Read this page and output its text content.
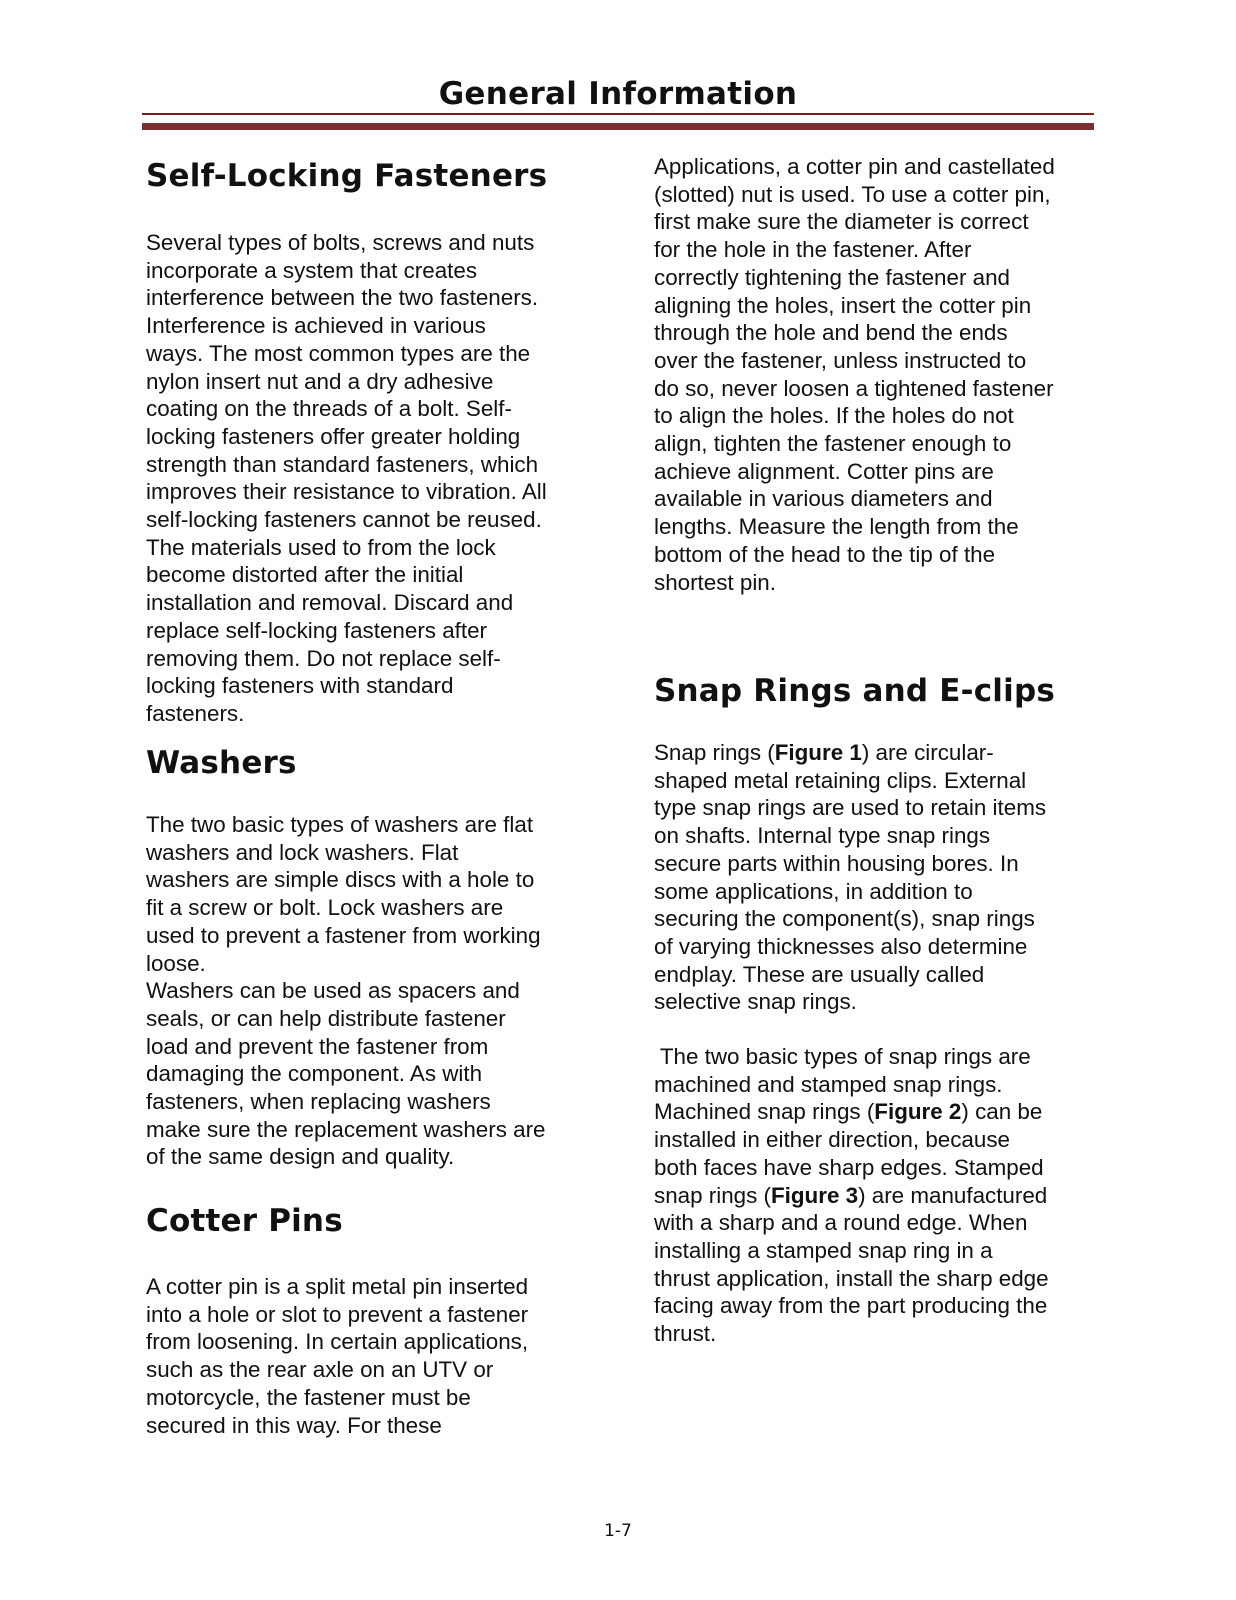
General Information
Self-Locking Fasteners

Several types of bolts, screws and nuts
incorporate a system that creates
interference between the two fasteners.
Interference is achieved in various
ways. The most common types are the
nylon insert nut and a dry adhesive
coating on the threads of a bolt. Self-
locking fasteners offer greater holding
strength than standard fasteners, which
improves their resistance to vibration. All
self-locking fasteners cannot be reused.
The materials used to from the lock
become distorted after the initial
installation and removal. Discard and
replace self-locking fasteners after
removing them. Do not replace self-
locking fasteners with standard
fasteners.

Washers

The two basic types of washers are flat
washers and lock washers. Flat
washers are simple discs with a hole to
fit a screw or bolt. Lock washers are
used to prevent a fastener from working
loose.
Washers can be used as spacers and
seals, or can help distribute fastener
load and prevent the fastener from
damaging the component. As with
fasteners, when replacing washers
make sure the replacement washers are
of the same design and quality.

Cotter Pins

A cotter pin is a split metal pin inserted
into a hole or slot to prevent a fastener
from loosening. In certain applications,
such as the rear axle on an UTV or
motorcycle, the fastener must be
secured in this way. For these

Applications, a cotter pin and castellated
(slotted) nut is used. To use a cotter pin,
first make sure the diameter is correct
for the hole in the fastener. After
correctly tightening the fastener and
aligning the holes, insert the cotter pin
through the hole and bend the ends
over the fastener, unless instructed to
do so, never loosen a tightened fastener
to align the holes. If the holes do not
align, tighten the fastener enough to
achieve alignment. Cotter pins are
available in various diameters and
lengths. Measure the length from the
bottom of the head to the tip of the
shortest pin.

Snap Rings and E-clips

Snap rings (Figure 1) are circular-
shaped metal retaining clips. External
type snap rings are used to retain items
on shafts. Internal type snap rings
secure parts within housing bores. In
some applications, in addition to
securing the component(s), snap rings
of varying thicknesses also determine
endplay. These are usually called
selective snap rings.

The two basic types of snap rings are
machined and stamped snap rings.
Machined snap rings (Figure 2) can be
installed in either direction, because
both faces have sharp edges. Stamped
snap rings (Figure 3) are manufactured
with a sharp and a round edge. When
installing a stamped snap ring in a
thrust application, install the sharp edge
facing away from the part producing the
thrust.

1-7
